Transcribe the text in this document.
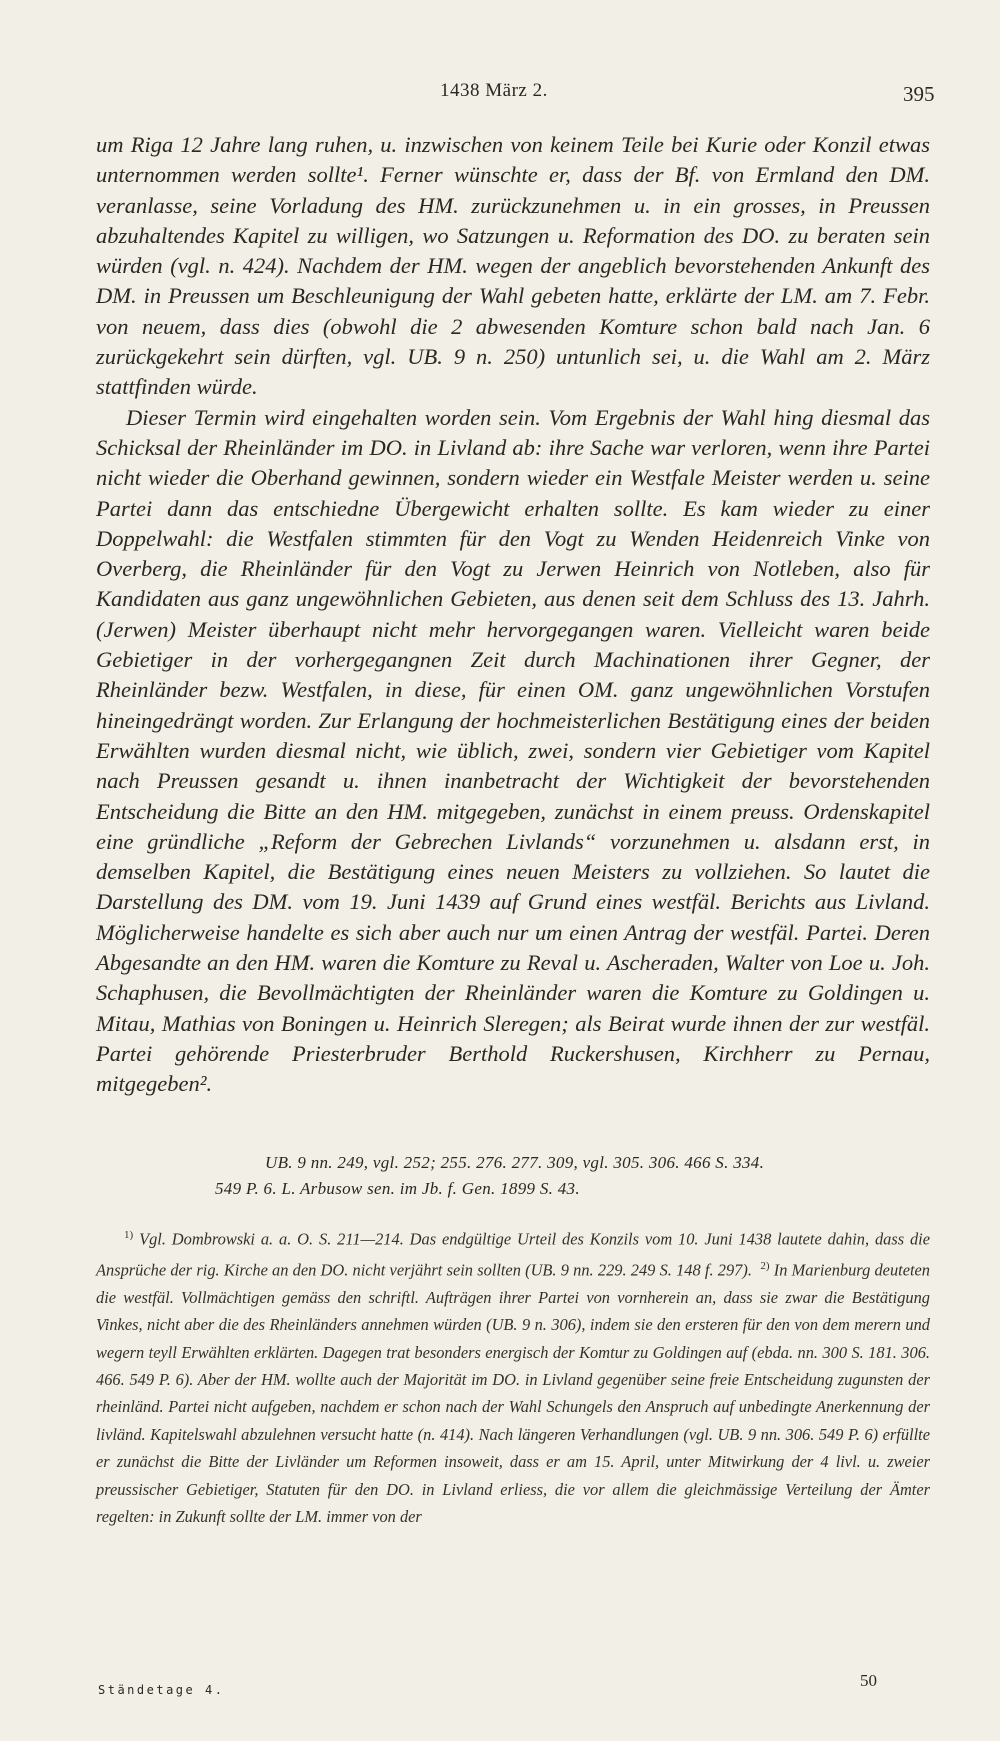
1438 März 2.	395

um Riga 12 Jahre lang ruhen, u. inzwischen von keinem Teile bei Kurie oder Konzil etwas unternommen werden sollte¹. Ferner wünschte er, dass der Bf. von Ermland den DM. veranlasse, seine Vorladung des HM. zurückzunehmen u. in ein grosses, in Preussen abzuhaltendes Kapitel zu willigen, wo Satzungen u. Reformation des DO. zu beraten sein würden (vgl. n. 424). Nachdem der HM. wegen der angeblich bevorstehenden Ankunft des DM. in Preussen um Beschleunigung der Wahl gebeten hatte, erklärte der LM. am 7. Febr. von neuem, dass dies (obwohl die 2 abwesenden Komture schon bald nach Jan. 6 zurückgekehrt sein dürften, vgl. UB. 9 n. 250) untunlich sei, u. die Wahl am 2. März stattfinden würde.

Dieser Termin wird eingehalten worden sein. Vom Ergebnis der Wahl hing diesmal das Schicksal der Rheinländer im DO. in Livland ab: ihre Sache war verloren, wenn ihre Partei nicht wieder die Oberhand gewinnen, sondern wieder ein Westfale Meister werden u. seine Partei dann das entschiedne Übergewicht erhalten sollte. Es kam wieder zu einer Doppelwahl: die Westfalen stimmten für den Vogt zu Wenden Heidenreich Vinke von Overberg, die Rheinländer für den Vogt zu Jerwen Heinrich von Notleben, also für Kandidaten aus ganz ungewöhnlichen Gebieten, aus denen seit dem Schluss des 13. Jahrh. (Jerwen) Meister überhaupt nicht mehr hervorgegangen waren. Vielleicht waren beide Gebietiger in der vorhergegangnen Zeit durch Machinationen ihrer Gegner, der Rheinländer bezw. Westfalen, in diese, für einen OM. ganz ungewöhnlichen Vorstufen hineingedrängt worden. Zur Erlangung der hochmeisterlichen Bestätigung eines der beiden Erwählten wurden diesmal nicht, wie üblich, zwei, sondern vier Gebietiger vom Kapitel nach Preussen gesandt u. ihnen inanbetracht der Wichtigkeit der bevorstehenden Entscheidung die Bitte an den HM. mitgegeben, zunächst in einem preuss. Ordenskapitel eine gründliche „Reform der Gebrechen Livlands“ vorzunehmen u. alsdann erst, in demselben Kapitel, die Bestätigung eines neuen Meisters zu vollziehen. So lautet die Darstellung des DM. vom 19. Juni 1439 auf Grund eines westfäl. Berichts aus Livland. Möglicherweise handelte es sich aber auch nur um einen Antrag der westfäl. Partei. Deren Abgesandte an den HM. waren die Komture zu Reval u. Ascheraden, Walter von Loe u. Joh. Schaphusen, die Bevollmächtigten der Rheinländer waren die Komture zu Goldingen u. Mitau, Mathias von Boningen u. Heinrich Sleregen; als Beirat wurde ihnen der zur westfäl. Partei gehörende Priesterbruder Berthold Ruckershusen, Kirchherr zu Pernau, mitgegeben².

UB. 9 nn. 249, vgl. 252; 255. 276. 277. 309, vgl. 305. 306. 466 S. 334.

549 P. 6. L. Arbusow sen. im Jb. f. Gen. 1899 S. 43.

$^{1)}$ Vgl. Dombrowski a. a. O. S. 211—214. Das endgültige Urteil des Konzils vom 10. Juni 1438 lautete dahin, dass die Ansprüche der rig. Kirche an den DO. nicht verjährt sein sollten (UB. 9 nn. 229. 249 S. 148 f. 297). $^{2)}$ In Marienburg deuteten die westfäl. Vollmächtigen gemäss den schriftl. Aufträgen ihrer Partei von vornherein an, dass sie zwar die Bestätigung Vinkes, nicht aber die des Rheinländers annehmen würden (UB. 9 n. 306), indem sie den ersteren für den von dem merern und wegern teyll Erwählten erklärten. Dagegen trat besonders energisch der Komtur zu Goldingen auf (ebda. nn. 300 S. 181. 306. 466. 549 P. 6). Aber der HM. wollte auch der Majorität im DO. in Livland gegenüber seine freie Entscheidung zugunsten der rheinländ. Partei nicht aufgeben, nachdem er schon nach der Wahl Schungels den Anspruch auf unbedingte Anerkennung der livländ. Kapitelswahl abzulehnen versucht hatte (n. 414). Nach längeren Verhandlungen (vgl. UB. 9 nn. 306. 549 P. 6) erfüllte er zunächst die Bitte der Livländer um Reformen insoweit, dass er am 15. April, unter Mitwirkung der 4 livl. u. zweier preussischer Gebietiger, Statuten für den DO. in Livland erliess, die vor allem die gleichmässige Verteilung der Ämter regelten: in Zukunft sollte der LM. immer von der

Ständetage 4.	50
